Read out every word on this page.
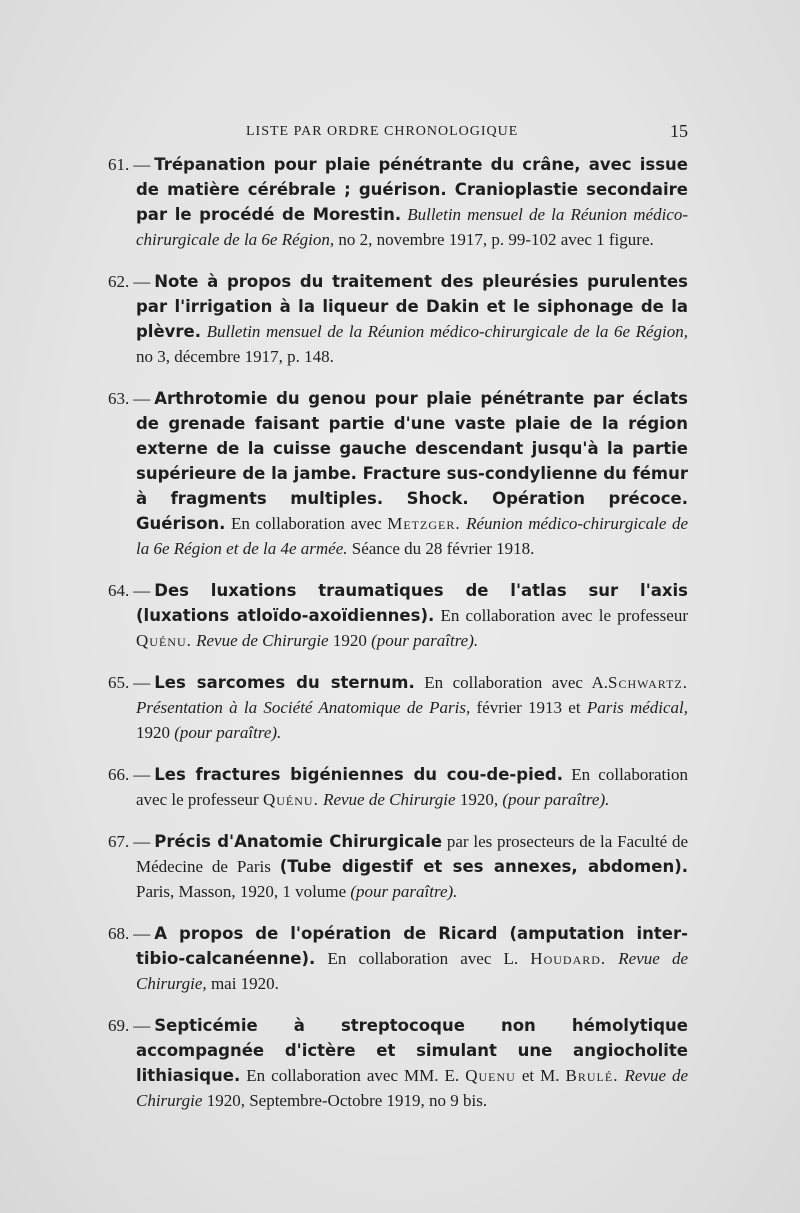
LISTE PAR ORDRE CHRONOLOGIQUE	15

61. — Trépanation pour plaie pénétrante du crâne, avec issue de matière cérébrale ; guérison. Cranioplastie secondaire par le procédé de Morestin. Bulletin mensuel de la Réunion médico-chirurgicale de la 6e Région, no 2, novembre 1917, p. 99-102 avec 1 figure.

62. — Note à propos du traitement des pleurésies purulentes par l'irrigation à la liqueur de Dakin et le siphonage de la plèvre. Bulletin mensuel de la Réunion médico-chirurgicale de la 6e Région, no 3, décembre 1917, p. 148.

63. — Arthrotomie du genou pour plaie pénétrante par éclats de grenade faisant partie d'une vaste plaie de la région externe de la cuisse gauche descendant jusqu'à la partie supérieure de la jambe. Fracture sus-condylienne du fémur à fragments multiples. Shock. Opération précoce. Guérison. En collaboration avec Metzger. Réunion médico-chirurgicale de la 6e Région et de la 4e armée. Séance du 28 février 1918.

64. — Des luxations traumatiques de l'atlas sur l'axis (luxations atloïdo-axoïdiennes). En collaboration avec le professeur Quénu. Revue de Chirurgie 1920 (pour paraître).

65. — Les sarcomes du sternum. En collaboration avec A.Schwartz. Présentation à la Société Anatomique de Paris, février 1913 et Paris médical, 1920 (pour paraître).

66. — Les fractures bigéniennes du cou-de-pied. En collaboration avec le professeur Quénu. Revue de Chirurgie 1920, (pour paraître).

67. — Précis d'Anatomie Chirurgicale par les prosecteurs de la Faculté de Médecine de Paris (Tube digestif et ses annexes, abdomen). Paris, Masson, 1920, 1 volume (pour paraître).

68. — A propos de l'opération de Ricard (amputation inter-tibio-calcanéenne). En collaboration avec L. Houdard. Revue de Chirurgie, mai 1920.

69. — Septicémie à streptocoque non hémolytique accompagnée d'ictère et simulant une angiocholite lithiasique. En collaboration avec MM. E. Quenu et M. Brulé. Revue de Chirurgie 1920, Septembre-Octobre 1919, no 9 bis.
